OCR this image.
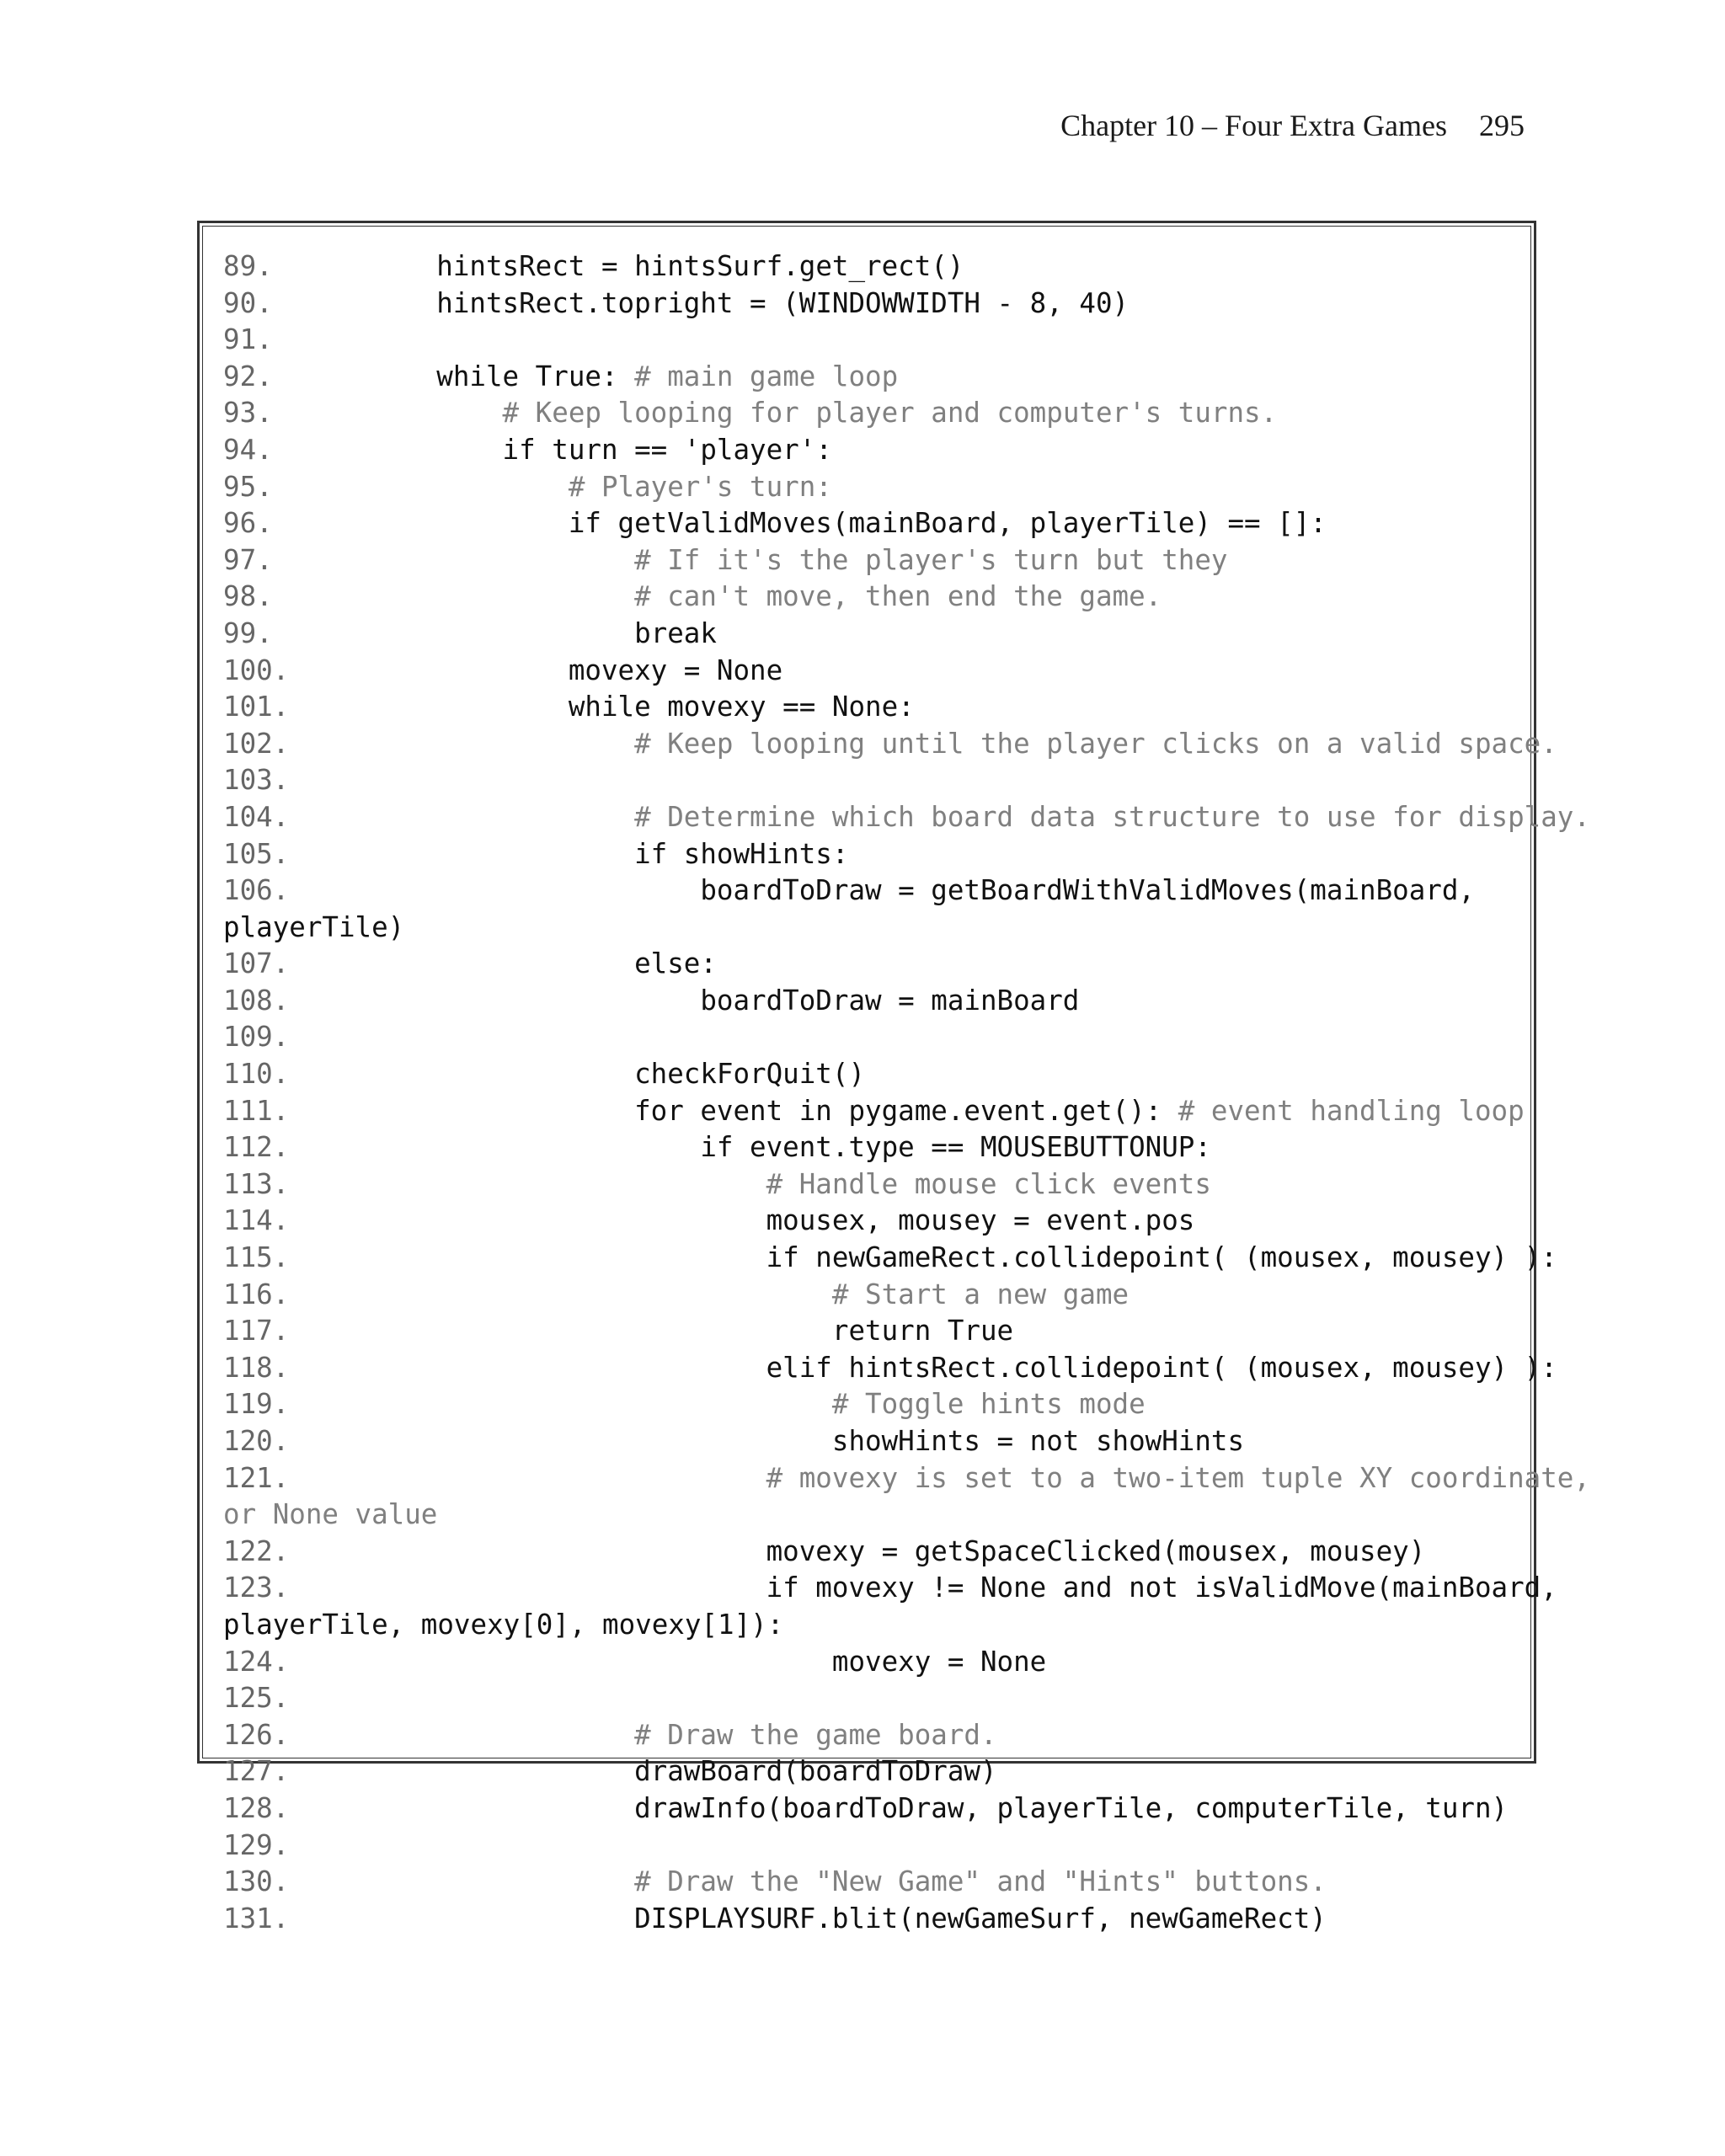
Chapter 10 – Four Extra Games 295
89.	hintsRect = hintsSurf.get_rect()
90.	hintsRect.topright = (WINDOWWIDTH - 8, 40)
91.
92.	while True: # main game loop
93.	# Keep looping for player and computer's turns.
94.	if turn == 'player':
95.	# Player's turn:
96.	if getValidMoves(mainBoard, playerTile) == []:
97.	# If it's the player's turn but they
98.	# can't move, then end the game.
99.	break
100.	movexy = None
101.	while movexy == None:
102.	# Keep looping until the player clicks on a valid space.
103.
104.	# Determine which board data structure to use for display.
105.	if showHints:
106.	boardToDraw = getBoardWithValidMoves(mainBoard,
playerTile)
107.	else:
108.	boardToDraw = mainBoard
109.
110.	checkForQuit()
111.	for event in pygame.event.get(): # event handling loop
112.	if event.type == MOUSEBUTTONUP:
113.	# Handle mouse click events
114.	mousex, mousey = event.pos
115.	if newGameRect.collidepoint( (mousex, mousey) ):
116.	# Start a new game
117.	return True
118.	elif hintsRect.collidepoint( (mousex, mousey) ):
119.	# Toggle hints mode
120.	showHints = not showHints
121.	# movexy is set to a two-item tuple XY coordinate,
or None value
122.	movexy = getSpaceClicked(mousex, mousey)
123.	if movexy != None and not isValidMove(mainBoard,
playerTile, movexy[0], movexy[1]):
124.	movexy = None
125.
126.	# Draw the game board.
127.	drawBoard(boardToDraw)
128.	drawInfo(boardToDraw, playerTile, computerTile, turn)
129.
130.	# Draw the "New Game" and "Hints" buttons.
131.	DISPLAYSURF.blit(newGameSurf, newGameRect)
